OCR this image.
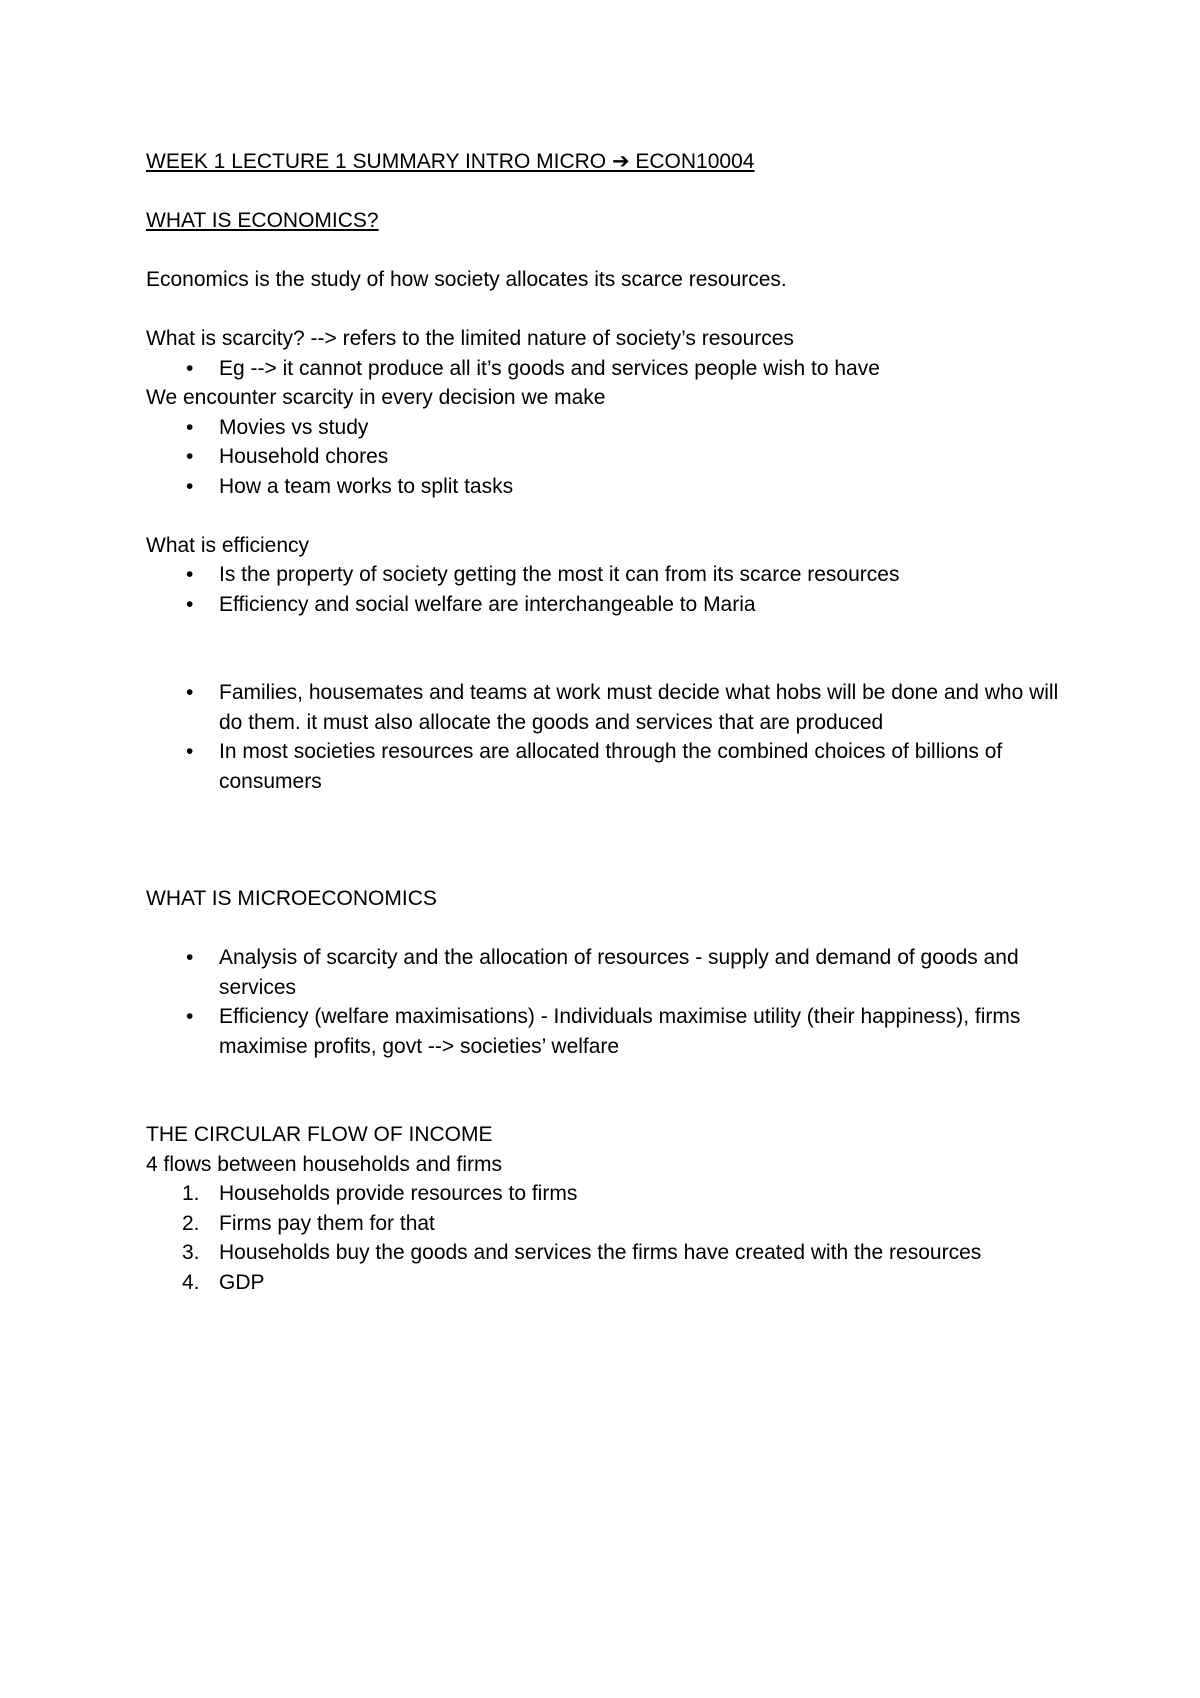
WEEK 1 LECTURE 1 SUMMARY INTRO MICRO ➔ ECON10004

WHAT IS ECONOMICS?

Economics is the study of how society allocates its scarce resources.

What is scarcity? --> refers to the limited nature of society’s resources

• Eg --> it cannot produce all it’s goods and services people wish to have

We encounter scarcity in every decision we make

• Movies vs study
• Household chores
• How a team works to split tasks

What is efficiency

• Is the property of society getting the most it can from its scarce resources
• Efficiency and social welfare are interchangeable to Maria
• Families, housemates and teams at work must decide what hobs will be done and who will do them. it must also allocate the goods and services that are produced
• In most societies resources are allocated through the combined choices of billions of consumers

WHAT IS MICROECONOMICS

• Analysis of scarcity and the allocation of resources - supply and demand of goods and services
• Efficiency (welfare maximisations) - Individuals maximise utility (their happiness), firms maximise profits, govt --> societies’ welfare

THE CIRCULAR FLOW OF INCOME

4 flows between households and firms

1. Households provide resources to firms
2. Firms pay them for that
3. Households buy the goods and services the firms have created with the resources
4. GDP
